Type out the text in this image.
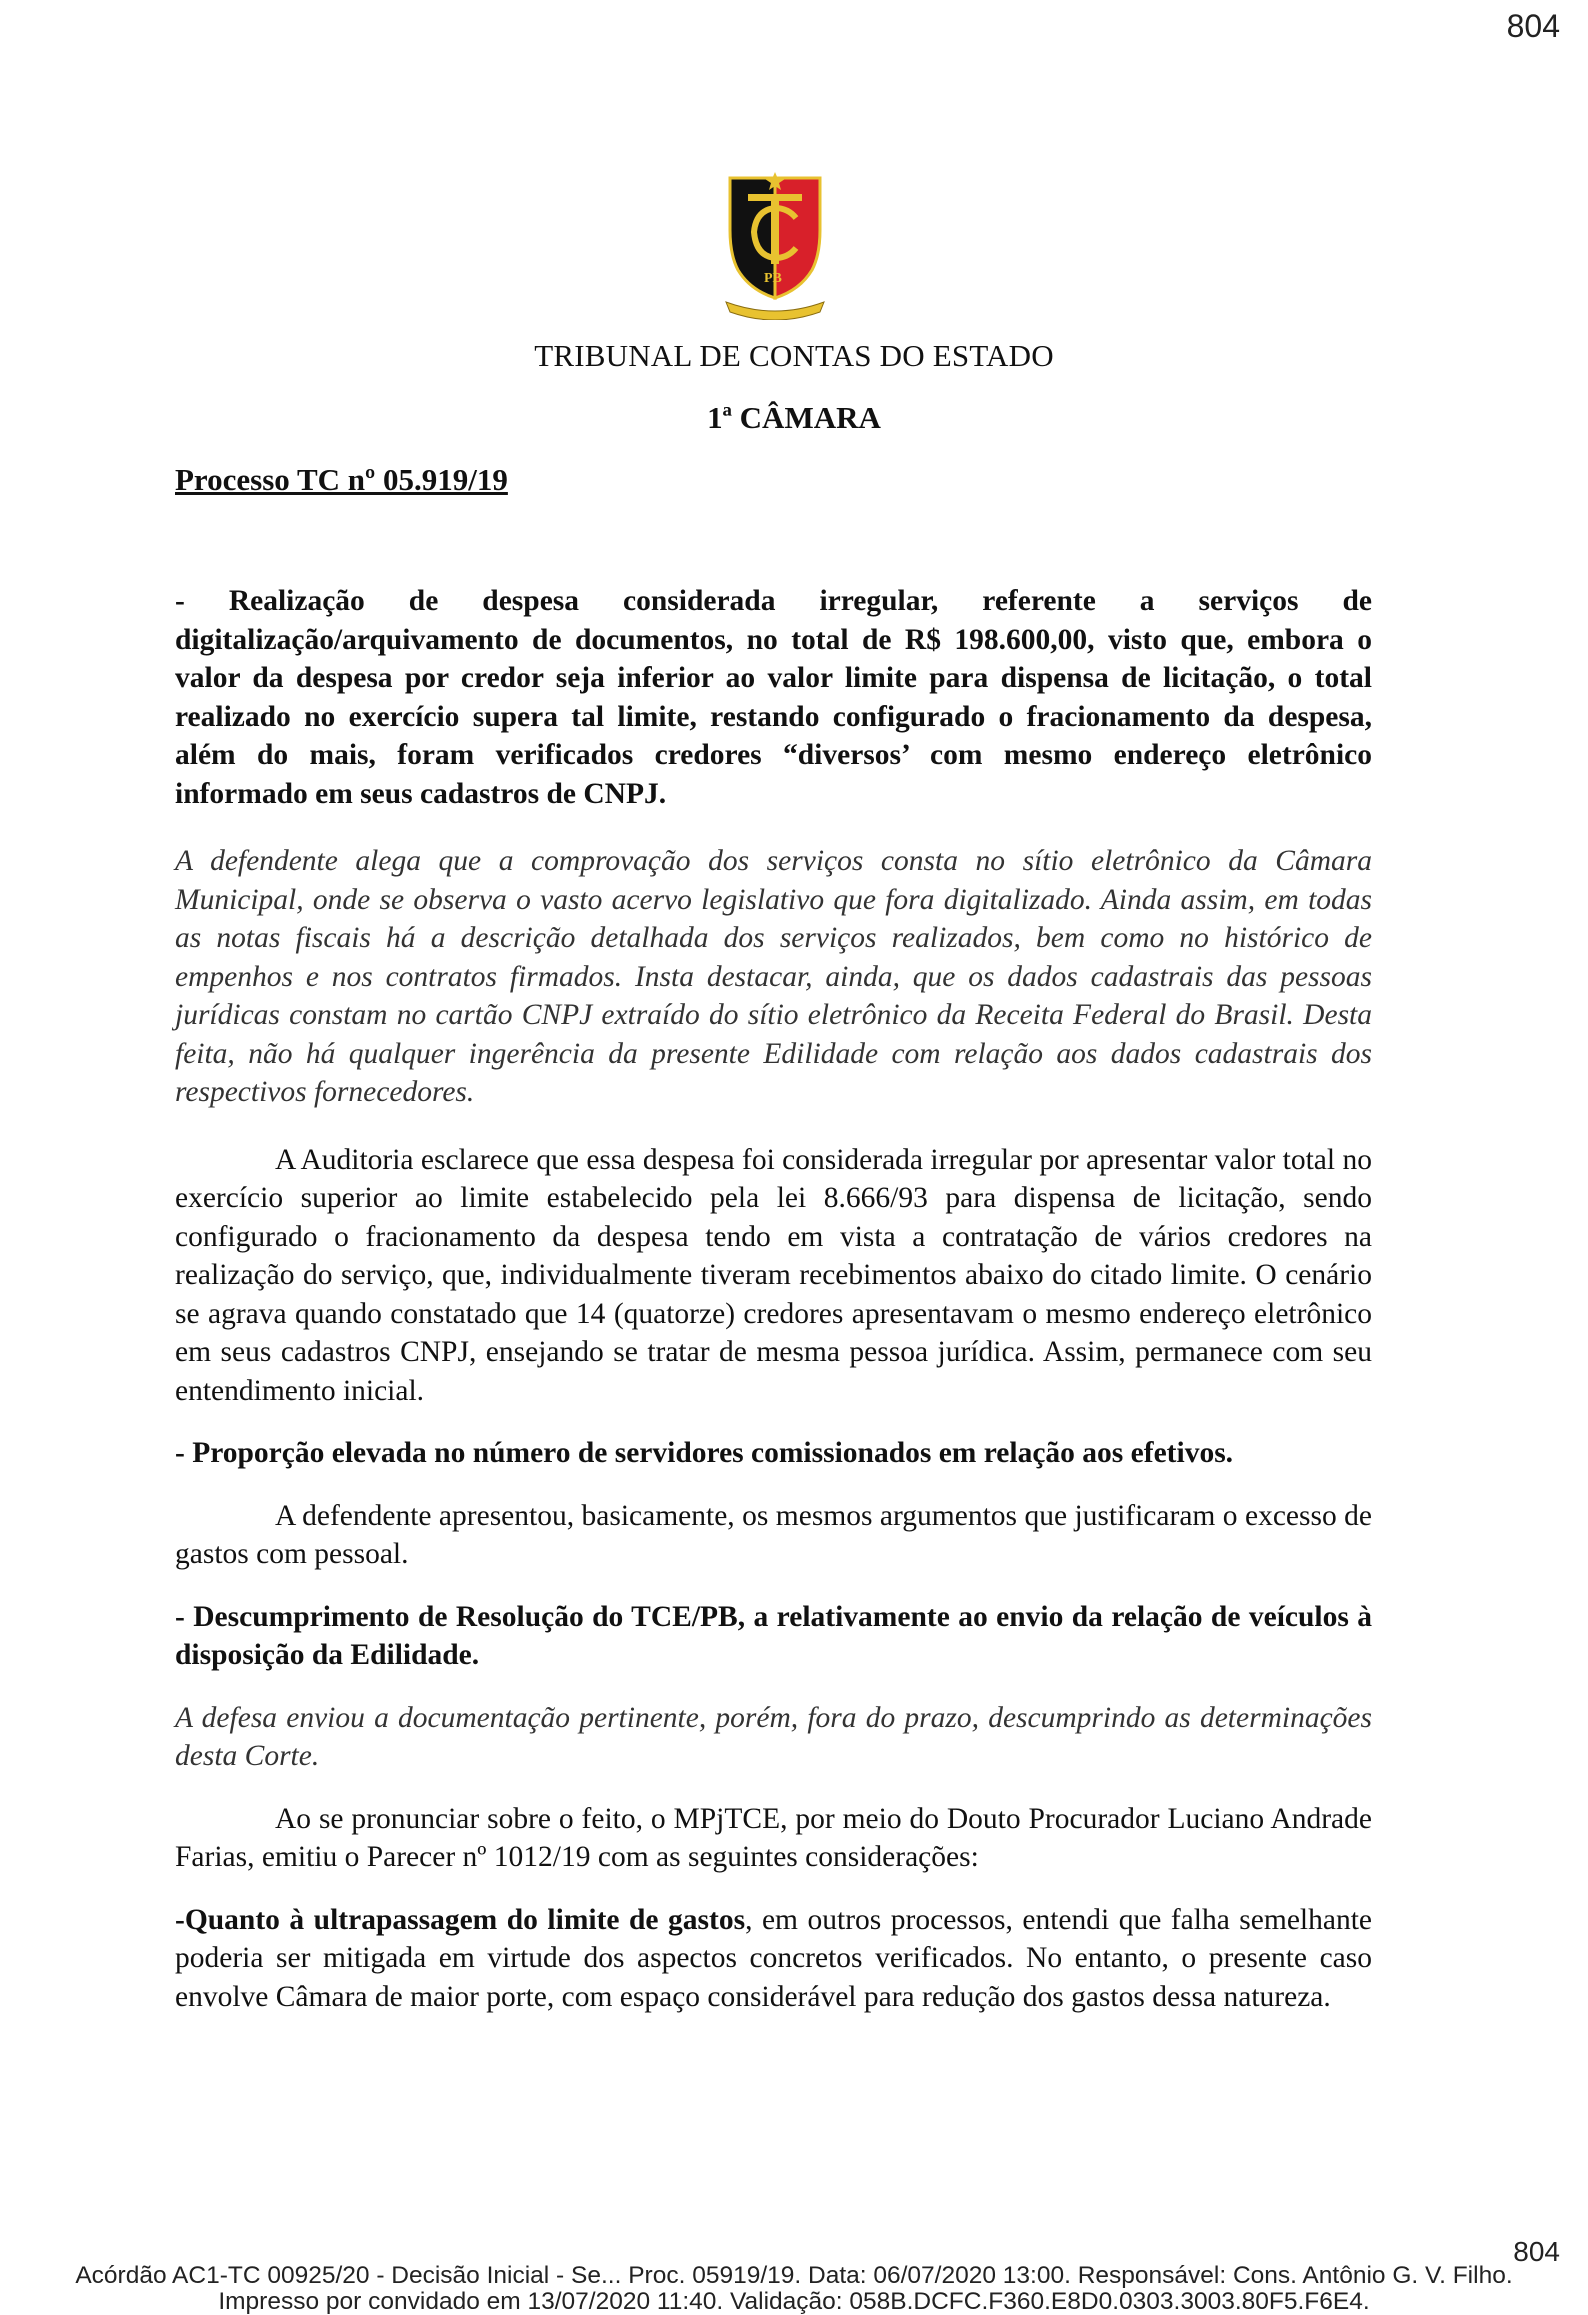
804
PB
TRIBUNAL DE CONTAS DO ESTADO
1ª CÂMARA
Processo TC nº 05.919/19

- Realização de despesa considerada irregular, referente a serviços de digitalização/arquivamento de documentos, no total de R$ 198.600,00, visto que, embora o valor da despesa por credor seja inferior ao valor limite para dispensa de licitação, o total realizado no exercício supera tal limite, restando configurado o fracionamento da despesa, além do mais, foram verificados credores “diversos’ com mesmo endereço eletrônico informado em seus cadastros de CNPJ.

A defendente alega que a comprovação dos serviços consta no sítio eletrônico da Câmara Municipal, onde se observa o vasto acervo legislativo que fora digitalizado. Ainda assim, em todas as notas fiscais há a descrição detalhada dos serviços realizados, bem como no histórico de empenhos e nos contratos firmados. Insta destacar, ainda, que os dados cadastrais das pessoas jurídicas constam no cartão CNPJ extraído do sítio eletrônico da Receita Federal do Brasil. Desta feita, não há qualquer ingerência da presente Edilidade com relação aos dados cadastrais dos respectivos fornecedores.

A Auditoria esclarece que essa despesa foi considerada irregular por apresentar valor total no exercício superior ao limite estabelecido pela lei 8.666/93 para dispensa de licitação, sendo configurado o fracionamento da despesa tendo em vista a contratação de vários credores na realização do serviço, que, individualmente tiveram recebimentos abaixo do citado limite. O cenário se agrava quando constatado que 14 (quatorze) credores apresentavam o mesmo endereço eletrônico em seus cadastros CNPJ, ensejando se tratar de mesma pessoa jurídica. Assim, permanece com seu entendimento inicial.

- Proporção elevada no número de servidores comissionados em relação aos efetivos.

A defendente apresentou, basicamente, os mesmos argumentos que justificaram o excesso de gastos com pessoal.

- Descumprimento de Resolução do TCE/PB, a relativamente ao envio da relação de veículos à disposição da Edilidade.

A defesa enviou a documentação pertinente, porém, fora do prazo, descumprindo as determinações desta Corte.

Ao se pronunciar sobre o feito, o MPjTCE, por meio do Douto Procurador Luciano Andrade Farias, emitiu o Parecer nº 1012/19 com as seguintes considerações:

-Quanto à ultrapassagem do limite de gastos, em outros processos, entendi que falha semelhante poderia ser mitigada em virtude dos aspectos concretos verificados. No entanto, o presente caso envolve Câmara de maior porte, com espaço considerável para redução dos gastos dessa natureza.

804
Acórdão AC1-TC 00925/20 - Decisão Inicial - Se... Proc. 05919/19. Data: 06/07/2020 13:00. Responsável: Cons. Antônio G. V. Filho.
Impresso por convidado em 13/07/2020 11:40. Validação: 058B.DCFC.F360.E8D0.0303.3003.80F5.F6E4.
